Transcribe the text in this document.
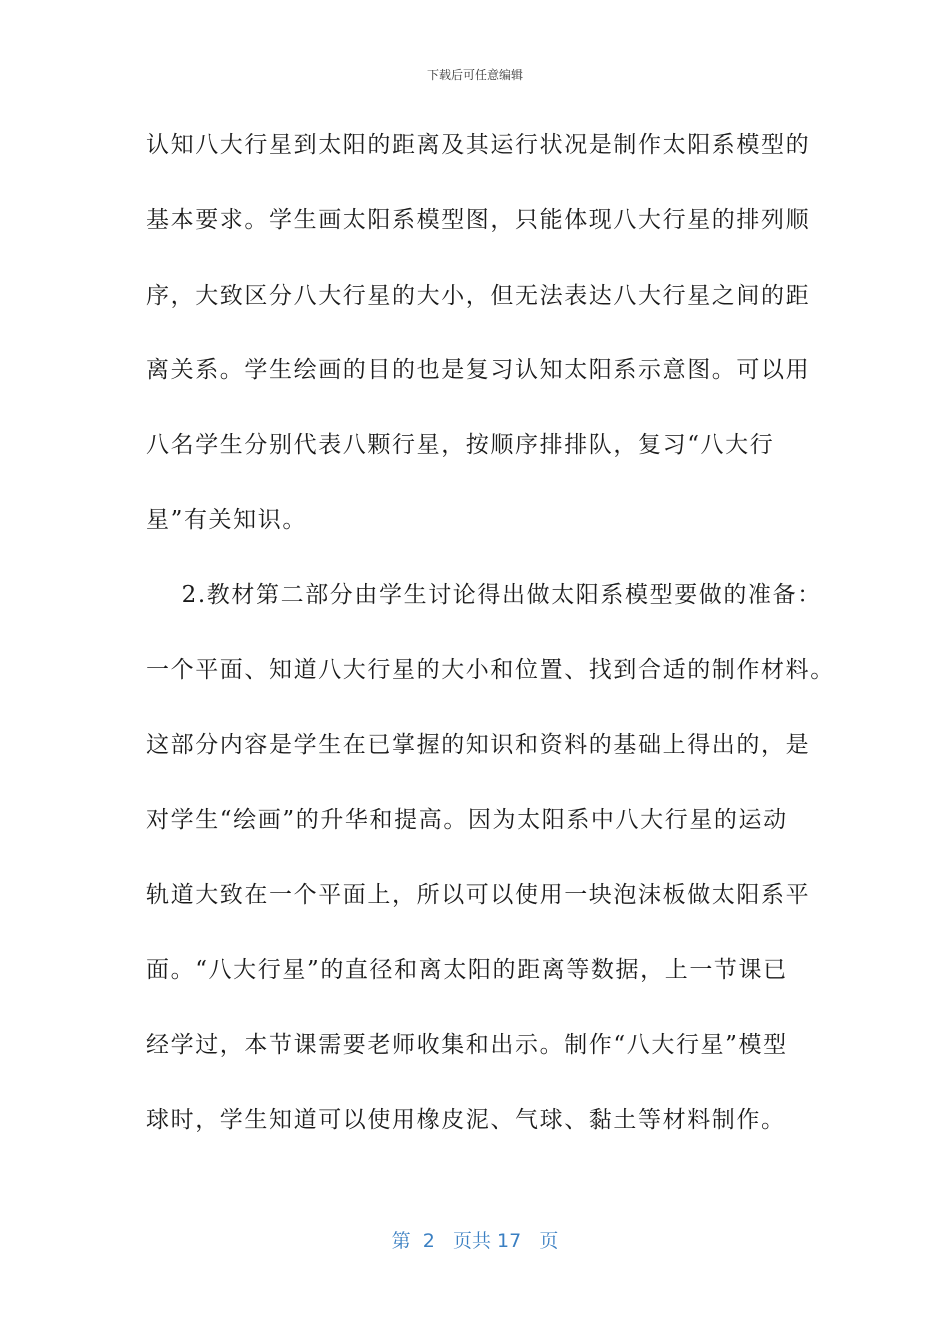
下载后可任意编辑
认知八大行星到太阳的距离及其运行状况是制作太阳系模型的
基本要求。学生画太阳系模型图，只能体现八大行星的排列顺
序，大致区分八大行星的大小，但无法表达八大行星之间的距
离关系。学生绘画的目的也是复习认知太阳系示意图。可以用
八名学生分别代表八颗行星，按顺序排排队，复习“八大行
星”有关知识。
2.教材第二部分由学生讨论得出做太阳系模型要做的准备：
一个平面、知道八大行星的大小和位置、找到合适的制作材料。
这部分内容是学生在已掌握的知识和资料的基础上得出的，是
对学生“绘画”的升华和提高。因为太阳系中八大行星的运动
轨道大致在一个平面上，所以可以使用一块泡沫板做太阳系平
面。“八大行星”的直径和离太阳的距离等数据，上一节课已
经学过，本节课需要老师收集和出示。制作“八大行星”模型
球时，学生知道可以使用橡皮泥、气球、黏土等材料制作。
第 2 页共 17 页
